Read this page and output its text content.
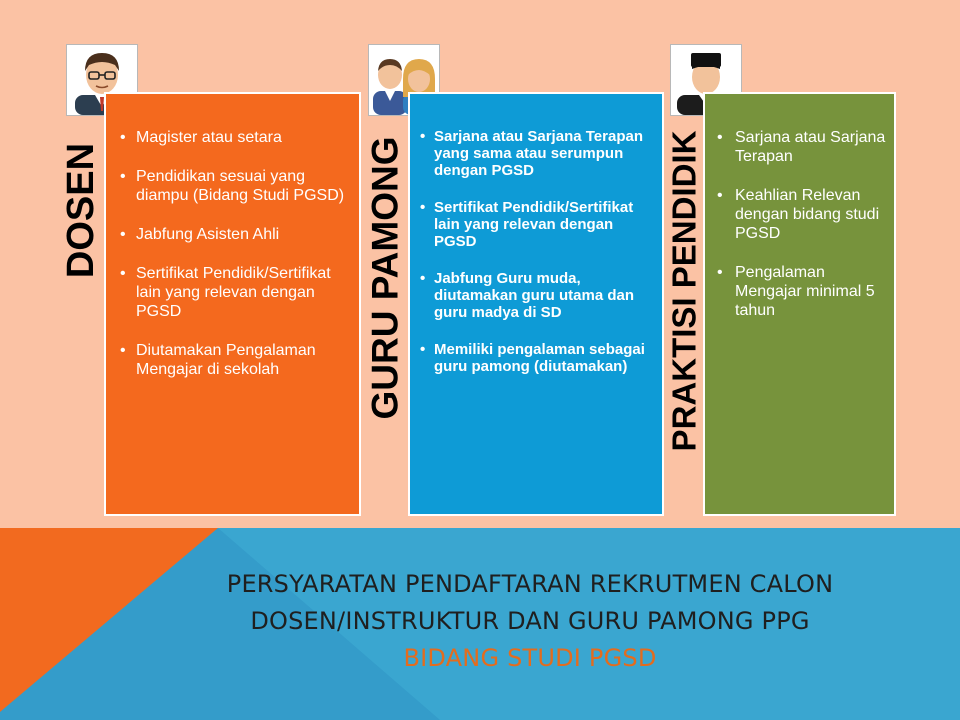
DOSEN
• Magister atau setara
• Pendidikan sesuai yang diampu (Bidang Studi PGSD)
• Jabfung Asisten Ahli
• Sertifikat Pendidik/Sertifikat lain yang relevan dengan PGSD
• Diutamakan Pengalaman Mengajar di sekolah	GURU PAMONG
• Sarjana atau Sarjana Terapan yang sama atau serumpun dengan PGSD
• Sertifikat Pendidik/Sertifikat lain yang relevan dengan PGSD
• Jabfung Guru muda, diutamakan guru utama dan guru madya di SD
• Memiliki pengalaman sebagai guru pamong (diutamakan)	PRAKTISI PENDIDIK
•	Sarjana atau Sarjana Terapan
• Keahlian Relevan dengan bidang studi PGSD
• Pengalaman Mengajar minimal 5 tahun
PERSYARATAN PENDAFTARAN REKRUTMEN CALON
DOSEN/INSTRUKTUR DAN GURU PAMONG PPG
BIDANG STUDI PGSD
